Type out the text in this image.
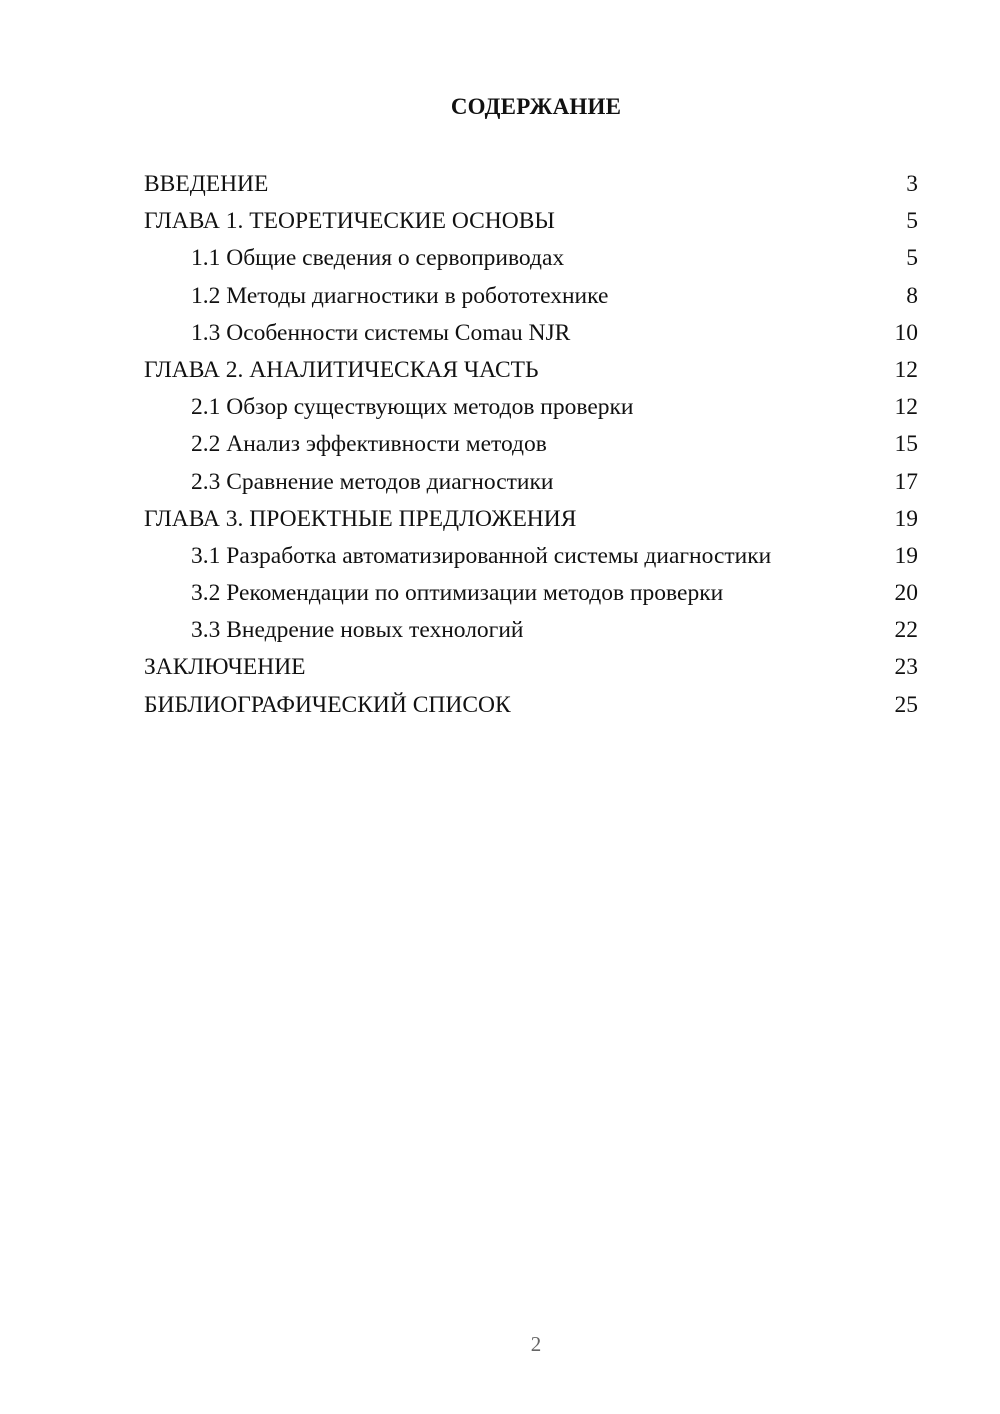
СОДЕРЖАНИЕ
ВВЕДЕНИЕ	3
ГЛАВА 1. ТЕОРЕТИЧЕСКИЕ ОСНОВЫ	5
1.1 Общие сведения о сервоприводах	5
1.2 Методы диагностики в робототехнике	8
1.3 Особенности системы Comau NJR	10
ГЛАВА 2. АНАЛИТИЧЕСКАЯ ЧАСТЬ	12
2.1 Обзор существующих методов проверки	12
2.2 Анализ эффективности методов	15
2.3 Сравнение методов диагностики	17
ГЛАВА 3. ПРОЕКТНЫЕ ПРЕДЛОЖЕНИЯ	19
3.1 Разработка автоматизированной системы диагностики	19
3.2 Рекомендации по оптимизации методов проверки	20
3.3 Внедрение новых технологий	22
ЗАКЛЮЧЕНИЕ	23
БИБЛИОГРАФИЧЕСКИЙ СПИСОК	25
2
